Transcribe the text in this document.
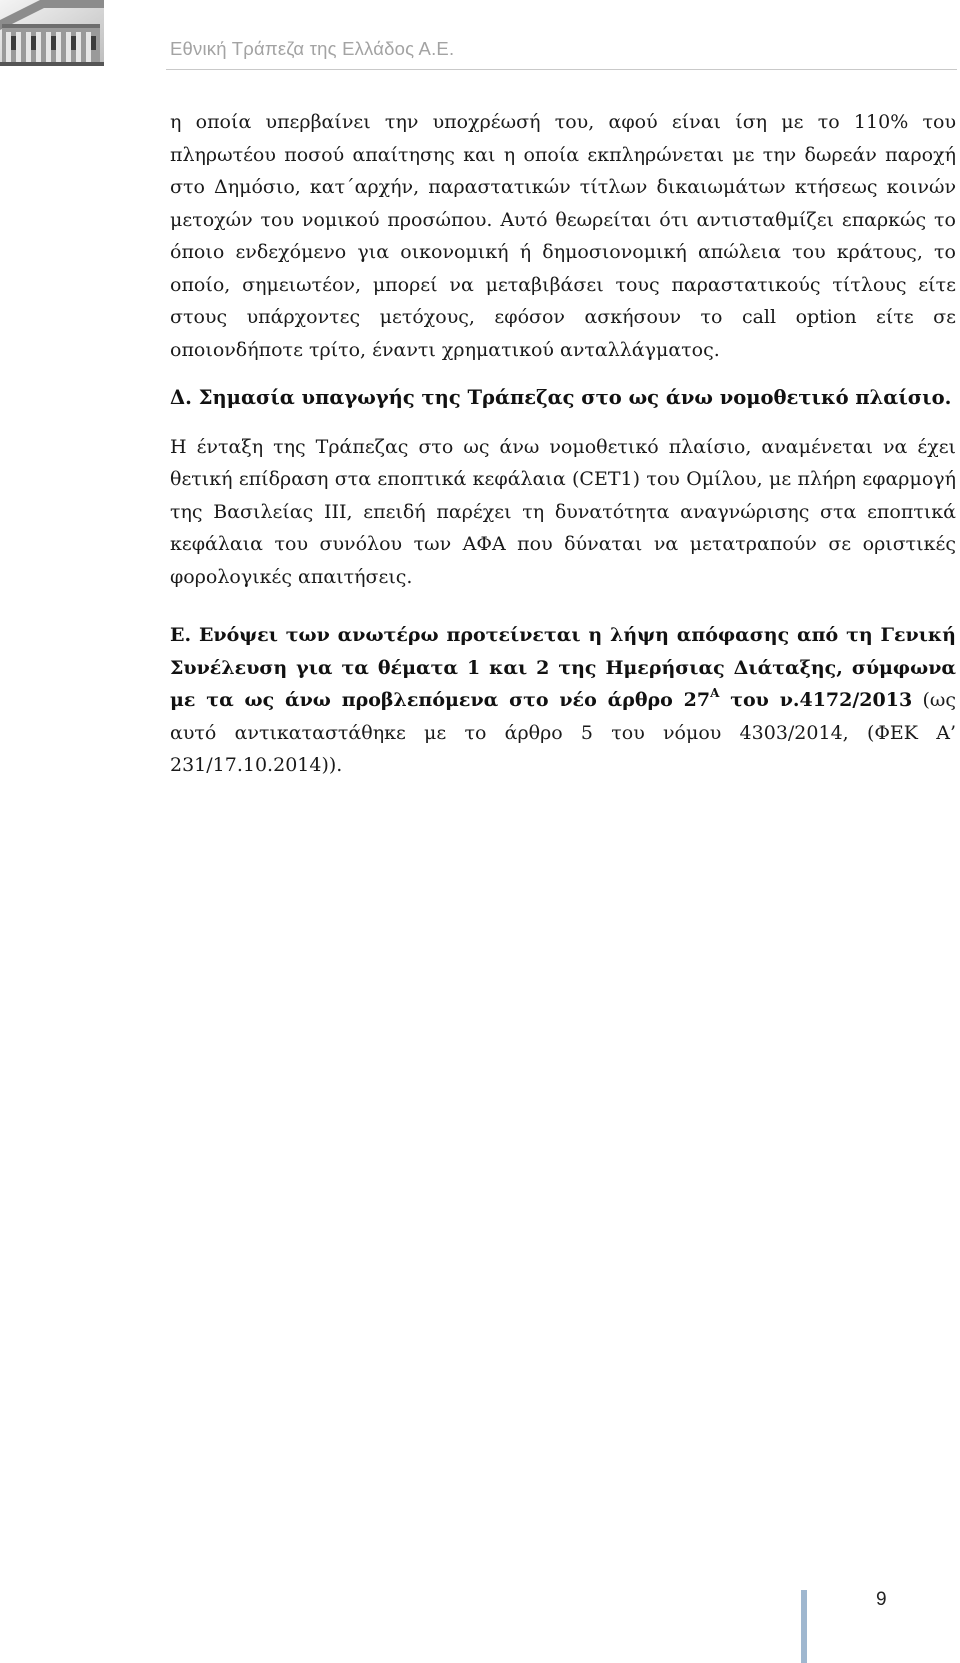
Εθνική Τράπεζα της Ελλάδος Α.Ε.

η οποία υπερβαίνει την υποχρέωσή του, αφού είναι ίση με το 110% του πληρωτέου ποσού απαίτησης και η οποία εκπληρώνεται με την δωρεάν παροχή στο Δημόσιο, κατ΄αρχήν, παραστατικών τίτλων δικαιωμάτων κτήσεως κοινών μετοχών του νομικού προσώπου. Αυτό θεωρείται ότι αντισταθμίζει επαρκώς το όποιο ενδεχόμενο για οικονομική ή δημοσιονομική απώλεια του κράτους, το οποίο, σημειωτέον, μπορεί να μεταβιβάσει τους παραστατικούς τίτλους είτε στους υπάρχοντες μετόχους, εφόσον ασκήσουν το call option είτε σε οποιονδήποτε τρίτο, έναντι χρηματικού ανταλλάγματος.

Δ. Σημασία υπαγωγής της Τράπεζας στο ως άνω νομοθετικό πλαίσιο.

Η ένταξη της Τράπεζας στο ως άνω νομοθετικό πλαίσιο, αναμένεται να έχει θετική επίδραση στα εποπτικά κεφάλαια (CET1) του Ομίλου, με πλήρη εφαρμογή της Βασιλείας ΙΙΙ, επειδή παρέχει τη δυνατότητα αναγνώρισης στα εποπτικά κεφάλαια του συνόλου των ΑΦΑ που δύναται να μετατραπούν σε οριστικές φορολογικές απαιτήσεις.

Ε. Ενόψει των ανωτέρω προτείνεται η λήψη απόφασης από τη Γενική Συνέλευση για τα θέματα 1 και 2 της Ημερήσιας Διάταξης, σύμφωνα με τα ως άνω προβλεπόμενα στο νέο άρθρο $27^A$ του ν.4172/2013 (ως αυτό αντικαταστάθηκε με το άρθρο 5 του νόμου 4303/2014, (ΦΕΚ Α’ 231/17.10.2014)).

9
